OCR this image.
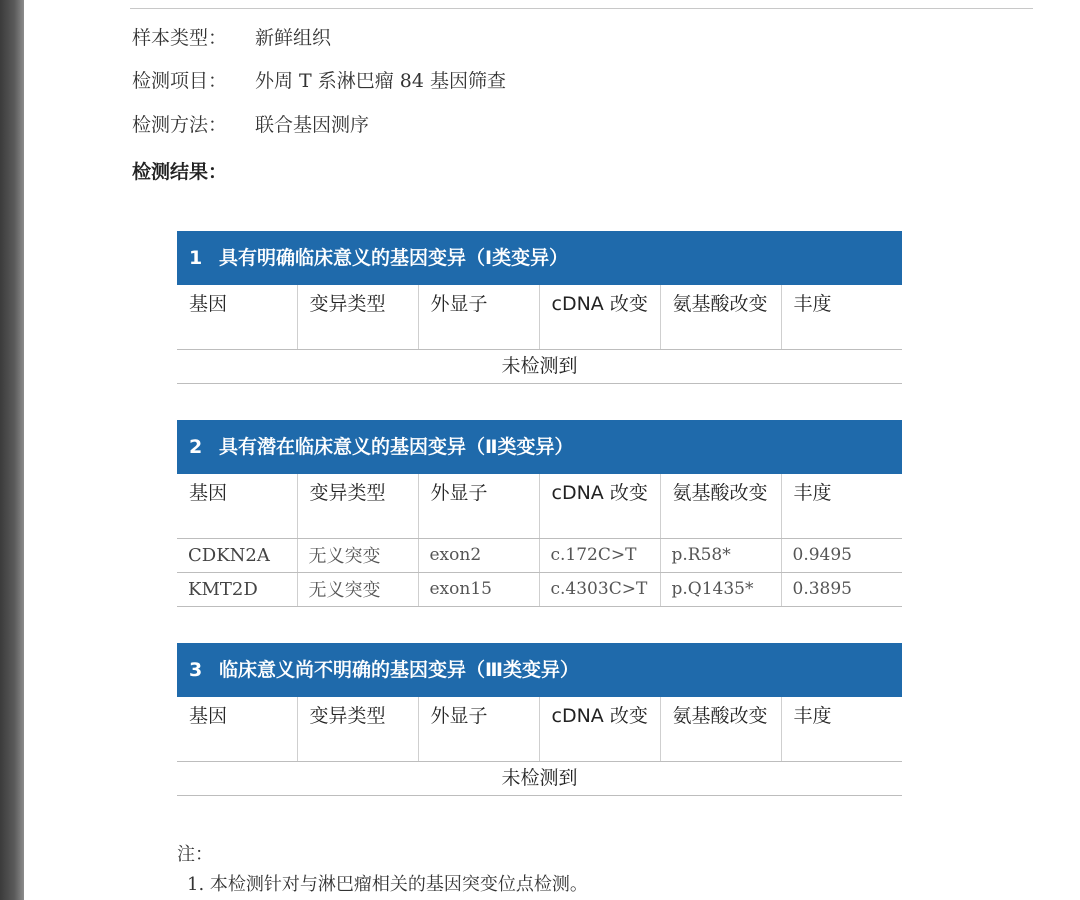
样本类型： 新鲜组织
检测项目： 外周 T 系淋巴瘤 84 基因筛查
检测方法： 联合基因测序
检测结果：
1 具有明确临床意义的基因变异（Ⅰ类变异）
基因	变异类型	外显子	cDNA 改变	氨基酸改变	丰度
未检测到
2 具有潜在临床意义的基因变异（Ⅱ类变异）
基因	变异类型	外显子	cDNA 改变	氨基酸改变	丰度
CDKN2A	无义突变	exon2	c.172C>T	p.R58*	0.9495
KMT2D	无义突变	exon15	c.4303C>T	p.Q1435*	0.3895
3 临床意义尚不明确的基因变异（Ⅲ类变异）
基因	变异类型	外显子	cDNA 改变	氨基酸改变	丰度
未检测到
注：
1. 本检测针对与淋巴瘤相关的基因突变位点检测。
